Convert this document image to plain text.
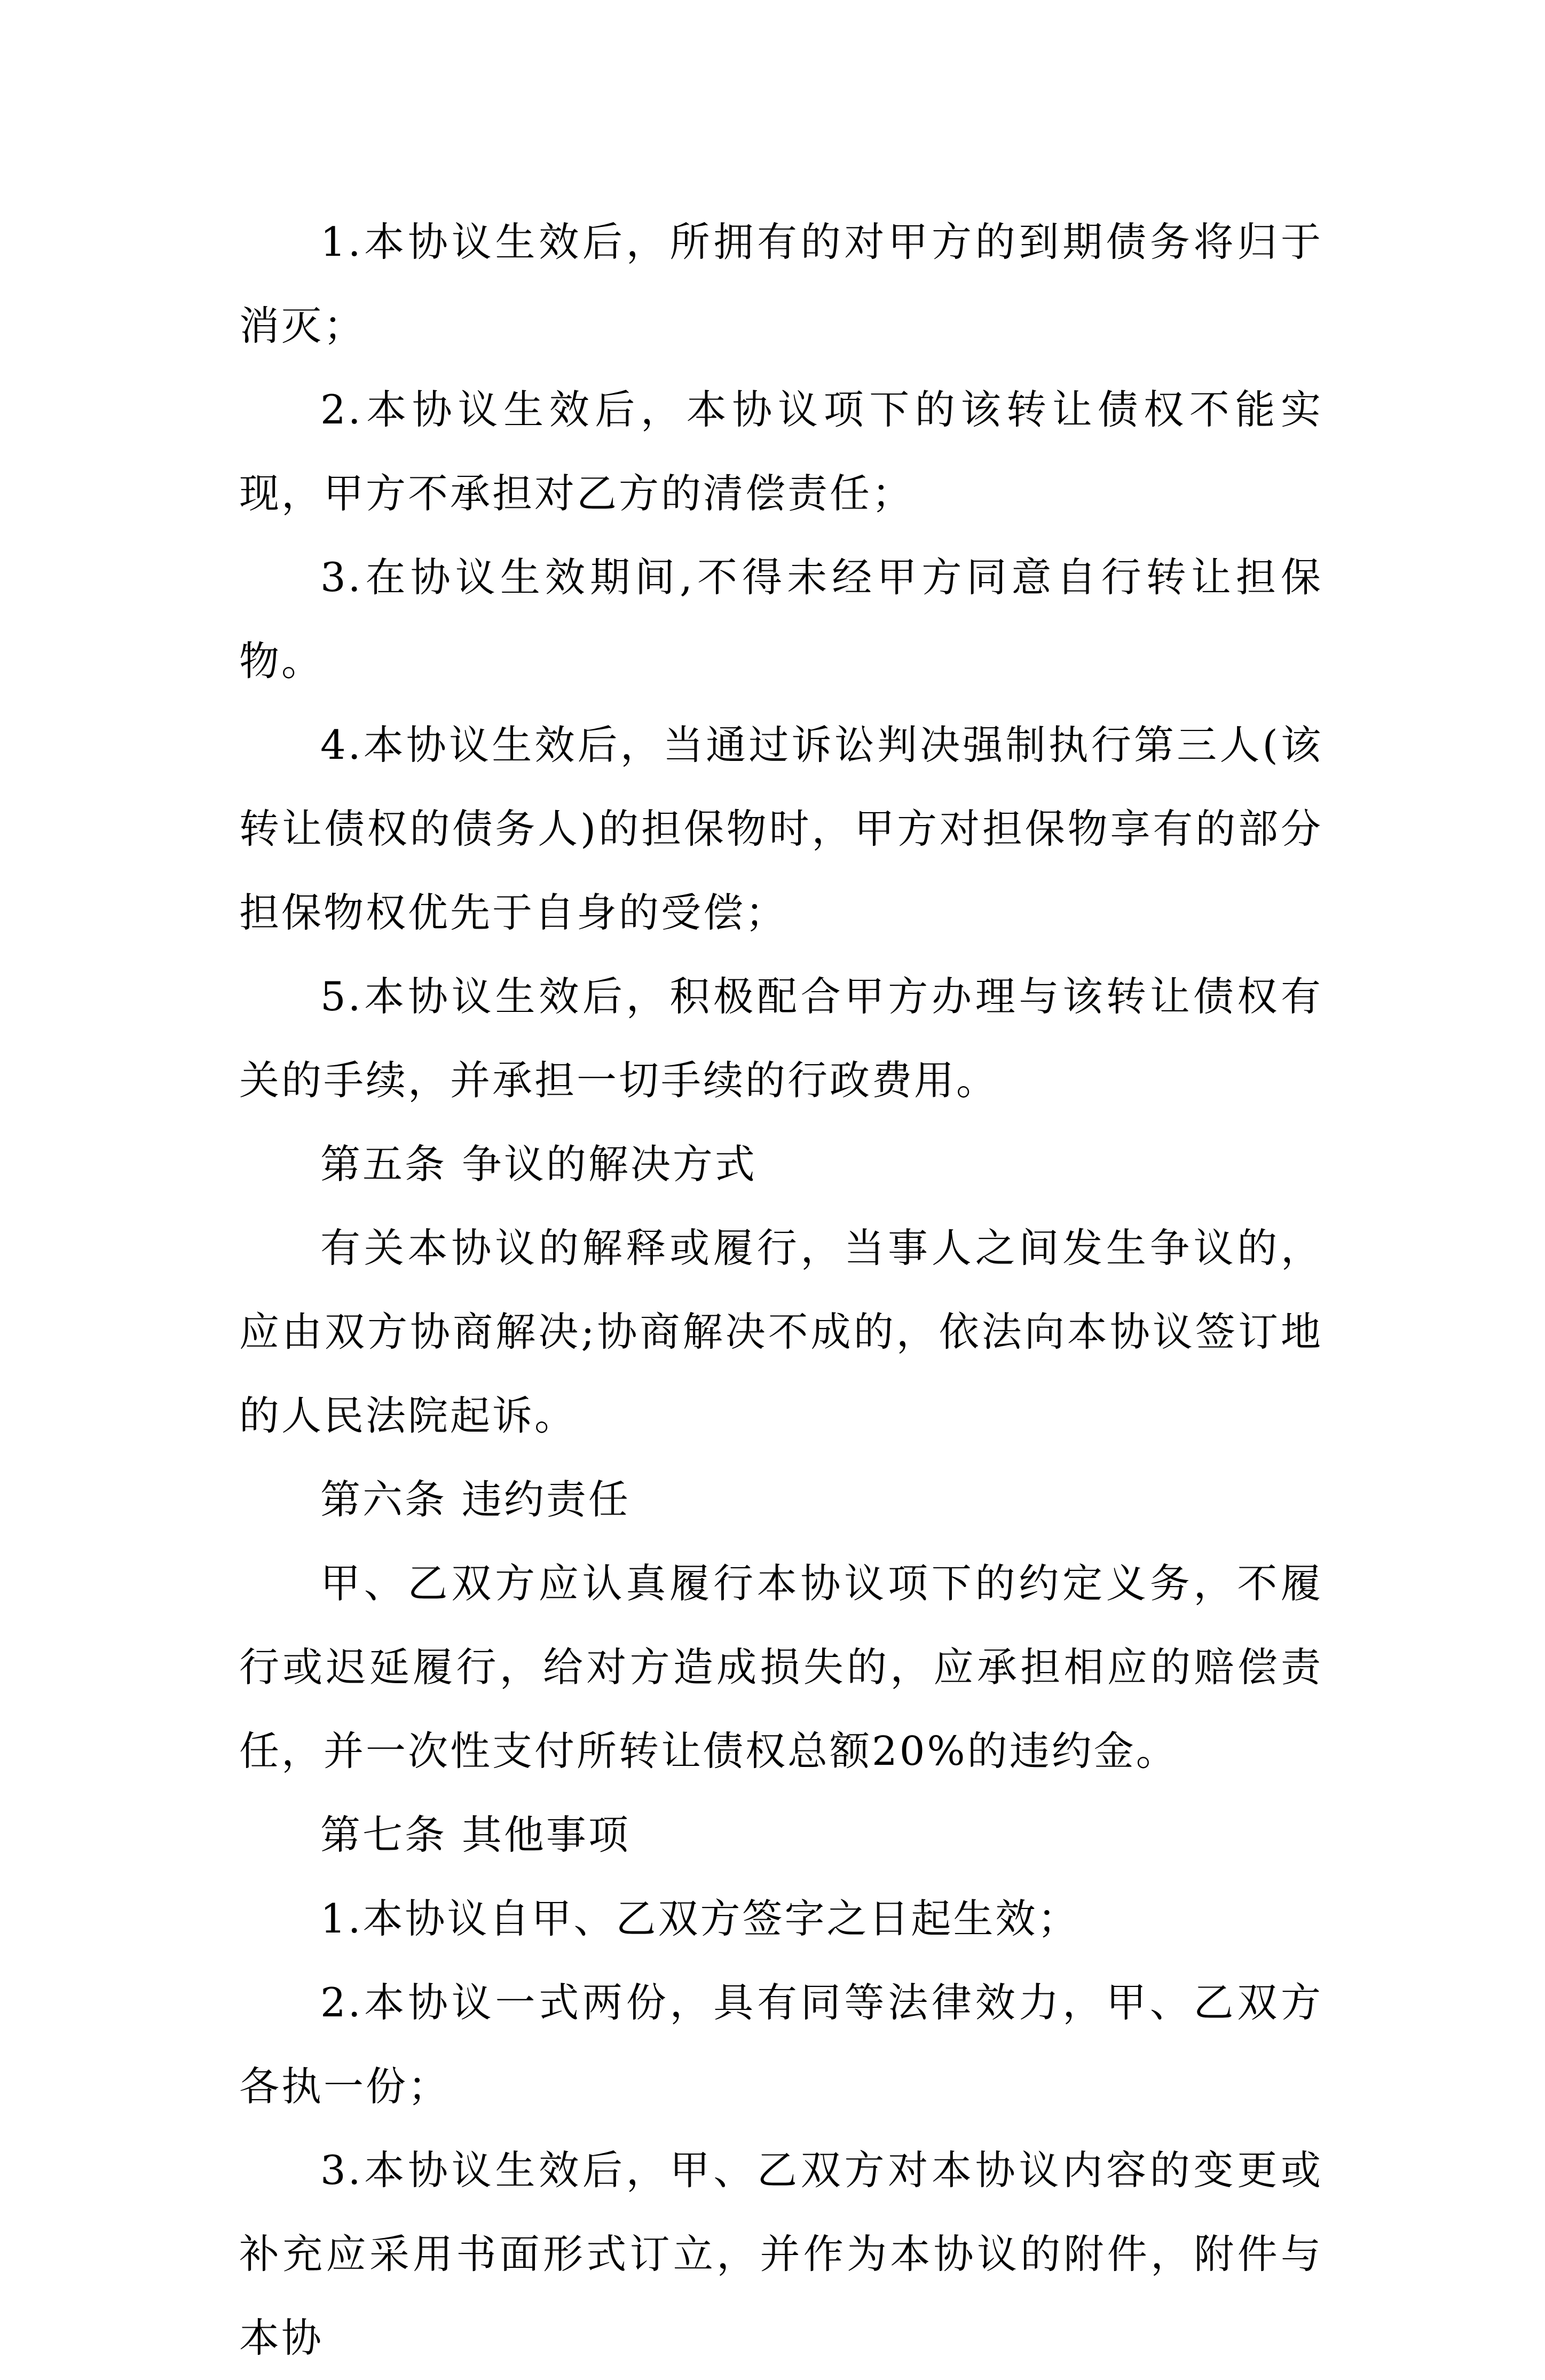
1.本协议生效后，所拥有的对甲方的到期债务将归于消灭；

2.本协议生效后，本协议项下的该转让债权不能实现，甲方不承担对乙方的清偿责任；

3.在协议生效期间,不得未经甲方同意自行转让担保物。

4.本协议生效后，当通过诉讼判决强制执行第三人(该转让债权的债务人)的担保物时，甲方对担保物享有的部分担保物权优先于自身的受偿；

5.本协议生效后，积极配合甲方办理与该转让债权有关的手续，并承担一切手续的行政费用。

第五条 争议的解决方式

有关本协议的解释或履行，当事人之间发生争议的，应由双方协商解决;协商解决不成的，依法向本协议签订地的人民法院起诉。

第六条 违约责任

甲、乙双方应认真履行本协议项下的约定义务，不履行或迟延履行，给对方造成损失的，应承担相应的赔偿责任，并一次性支付所转让债权总额20%的违约金。

第七条 其他事项

1.本协议自甲、乙双方签字之日起生效；

2.本协议一式两份，具有同等法律效力，甲、乙双方各执一份；

3.本协议生效后，甲、乙双方对本协议内容的变更或补充应采用书面形式订立，并作为本协议的附件，附件与本协
